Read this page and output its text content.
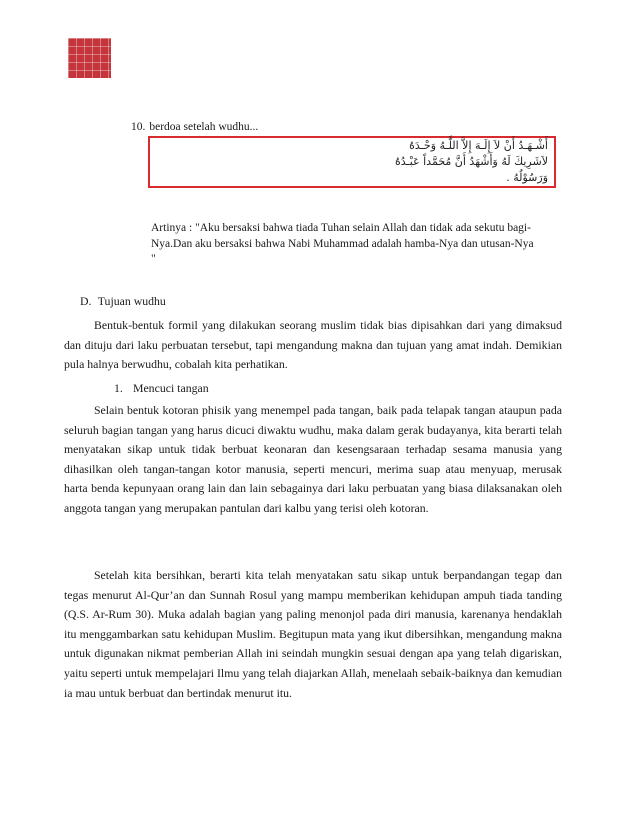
10. berdoa setelah wudhu...
أَشْـهَـدُ أَنْ لاَ إِلَـهَ إِلاَّ اللَّـهُ وَحْـدَهُ
لاَشَرِيكَ لَهُ وَأَشْهَدُ أَنَّ مُحَمَّداً عَبْـدُهُ
وَرَسُوْلُهُ .
Artinya : "Aku bersaksi bahwa tiada Tuhan selain Allah dan tidak ada sekutu bagi-Nya.Dan aku bersaksi bahwa Nabi Muhammad adalah hamba-Nya dan utusan-Nya "
D. Tujuan wudhu
Bentuk-bentuk formil yang dilakukan seorang muslim tidak bias dipisahkan dari yang dimaksud dan dituju dari laku perbuatan tersebut, tapi mengandung makna dan tujuan yang amat indah. Demikian pula halnya berwudhu, cobalah kita perhatikan.
1. Mencuci tangan
Selain bentuk kotoran phisik yang menempel pada tangan, baik pada telapak tangan ataupun pada seluruh bagian tangan yang harus dicuci diwaktu wudhu, maka dalam gerak budayanya, kita berarti telah menyatakan sikap untuk tidak berbuat keonaran dan kesengsaraan terhadap sesama manusia yang dihasilkan oleh tangan-tangan kotor manusia, seperti mencuri, merima suap atau menyuap, merusak harta benda kepunyaan orang lain dan lain sebagainya dari laku perbuatan yang biasa dilaksanakan oleh anggota tangan yang merupakan pantulan dari kalbu yang terisi oleh kotoran.
Setelah kita bersihkan, berarti kita telah menyatakan satu sikap untuk berpandangan tegap dan tegas menurut Al-Qur’an dan Sunnah Rosul yang mampu memberikan kehidupan ampuh tiada tanding (Q.S. Ar-Rum 30). Muka adalah bagian yang paling menonjol pada diri manusia, karenanya hendaklah itu menggambarkan satu kehidupan Muslim. Begitupun mata yang ikut dibersihkan, mengandung makna untuk digunakan nikmat pemberian Allah ini seindah mungkin sesuai dengan apa yang telah digariskan, yaitu seperti untuk mempelajari Ilmu yang telah diajarkan Allah, menelaah sebaik-baiknya dan kemudian ia mau untuk berbuat dan bertindak menurut itu.
